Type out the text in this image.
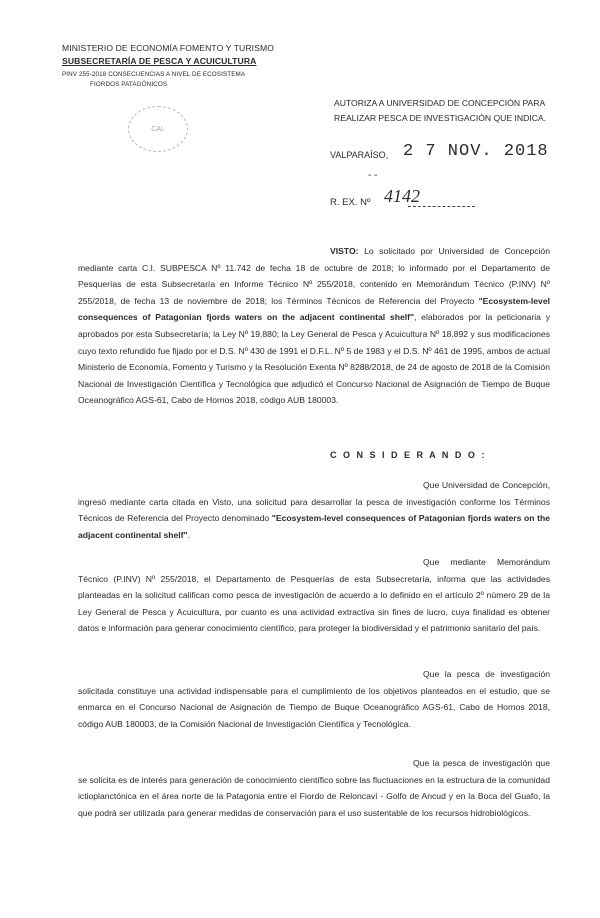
MINISTERIO DE ECONOMÍA FOMENTO Y TURISMO
SUBSECRETARÍA DE PESCA Y ACUICULTURA
PINV 255-2018 CONSECUENCIAS A NIVEL DE ECOSISTEMA
FIORDOS PATAGÓNICOS
CAL
AUTORIZA A UNIVERSIDAD DE CONCEPCIÓN PARA REALIZAR PESCA DE INVESTIGACIÓN QUE INDICA.
VALPARAÍSO, 2 7 NOV. 2018
- -
R. EX. Nº 4142
VISTO: Lo solicitado por Universidad de Concepción mediante carta C.I. SUBPESCA Nº 11.742 de fecha 18 de octubre de 2018; lo informado por el Departamento de Pesquerías de esta Subsecretaría en Informe Técnico Nº 255/2018, contenido en Memorándum Técnico (P.INV) Nº 255/2018, de fecha 13 de noviembre de 2018; los Términos Técnicos de Referencia del Proyecto "Ecosystem-level consequences of Patagonian fjords waters on the adjacent continental shelf", elaborados por la peticionaria y aprobados por esta Subsecretaría; la Ley Nº 19.880; la Ley General de Pesca y Acuicultura Nº 18.892 y sus modificaciones cuyo texto refundido fue fijado por el D.S. Nº 430 de 1991 el D.F.L. Nº 5 de 1983 y el D.S. Nº 461 de 1995, ambos de actual Ministerio de Economía, Fomento y Turismo y la Resolución Exenta Nº 8288/2018, de 24 de agosto de 2018 de la Comisión Nacional de Investigación Científica y Tecnológica que adjudicó el Concurso Nacional de Asignación de Tiempo de Buque Oceanográfico AGS-61, Cabo de Hornos 2018, código AUB 180003.
C O N S I D E R A N D O :
Que Universidad de Concepción, ingresó mediante carta citada en Visto, una solicitud para desarrollar la pesca de investigación conforme los Términos Técnicos de Referencia del Proyecto denominado "Ecosystem-level consequences of Patagonian fjords waters on the adjacent continental shelf".
Que mediante Memorándum Técnico (P.INV) Nº 255/2018, el Departamento de Pesquerías de esta Subsecretaría, informa que las actividades planteadas en la solicitud califican como pesca de investigación de acuerdo a lo definido en el artículo 2º número 29 de la Ley General de Pesca y Acuicultura, por cuanto es una actividad extractiva sin fines de lucro, cuya finalidad es obtener datos e información para generar conocimiento científico, para proteger la biodiversidad y el patrimonio sanitario del país.
Que la pesca de investigación solicitada constituye una actividad indispensable para el cumplimiento de los objetivos planteados en el estudio, que se enmarca en el Concurso Nacional de Asignación de Tiempo de Buque Oceanográfico AGS-61, Cabo de Hornos 2018, código AUB 180003, de la Comisión Nacional de Investigación Científica y Tecnológica.
Que la pesca de investigación que se solicita es de interés para generación de conocimiento científico sobre las fluctuaciones en la estructura de la comunidad ictioplanctónica en el área norte de la Patagonia entre el Fiordo de Reloncaví - Golfo de Ancud y en la Boca del Guafo, la que podrá ser utilizada para generar medidas de conservación para el uso sustentable de los recursos hidrobiológicos.
